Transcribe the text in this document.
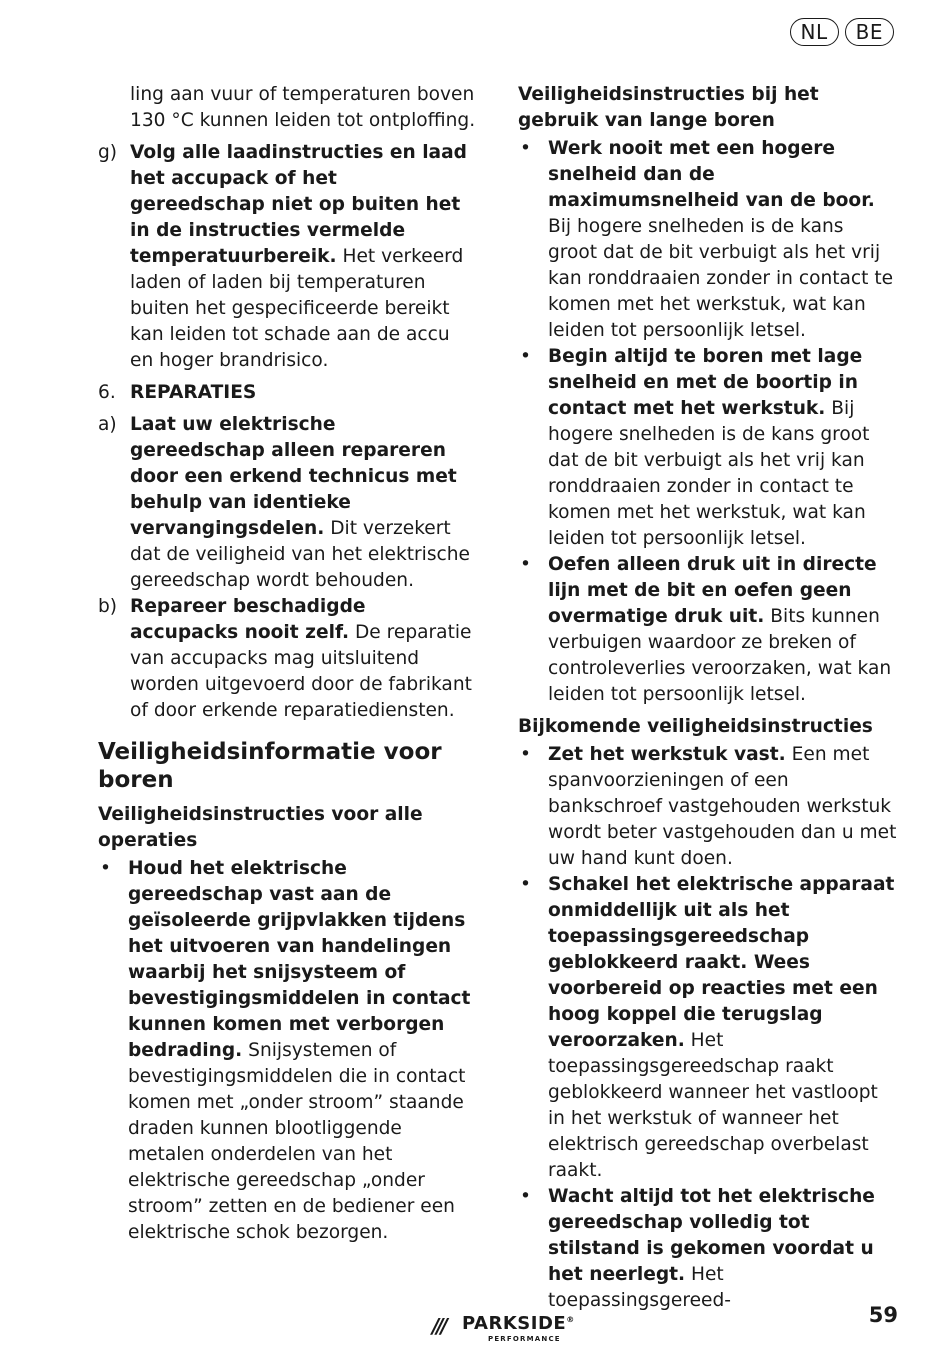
NL	BE
ling aan vuur of temperaturen boven 130 °C kunnen leiden tot ontploffing.
g) Volg alle laadinstructies en laad het accupack of het gereedschap niet op buiten het in de instructies vermelde temperatuurbereik. Het verkeerd laden of laden bij temperaturen buiten het gespecificeerde bereikt kan leiden tot schade aan de accu en hoger brandrisico.
6. REPARATIES
a) Laat uw elektrische gereedschap alleen repareren door een erkend technicus met behulp van identieke vervangingsdelen. Dit verzekert dat de veiligheid van het elektrische gereedschap wordt behouden.
b) Repareer beschadigde accupacks nooit zelf. De reparatie van accupacks mag uitsluitend worden uitgevoerd door de fabrikant of door erkende reparatiediensten.
Veiligheidsinformatie voor boren
Veiligheidsinstructies voor alle operaties
• Houd het elektrische gereedschap vast aan de geïsoleerde grijpvlakken tijdens het uitvoeren van handelingen waarbij het snijsysteem of bevestigingsmiddelen in contact kunnen komen met verborgen bedrading. Snijsystemen of bevestigingsmiddelen die in contact komen met „onder stroom” staande draden kunnen blootliggende metalen onderdelen van het elektrische gereedschap „onder stroom” zetten en de bediener een elektrische schok bezorgen.
Veiligheidsinstructies bij het gebruik van lange boren
• Werk nooit met een hogere snelheid dan de maximumsnelheid van de boor. Bij hogere snelheden is de kans groot dat de bit verbuigt als het vrij kan ronddraaien zonder in contact te komen met het werkstuk, wat kan leiden tot persoonlijk letsel.
• Begin altijd te boren met lage snelheid en met de boortip in contact met het werkstuk. Bij hogere snelheden is de kans groot dat de bit verbuigt als het vrij kan ronddraaien zonder in contact te komen met het werkstuk, wat kan leiden tot persoonlijk letsel.
• Oefen alleen druk uit in directe lijn met de bit en oefen geen overmatige druk uit. Bits kunnen verbuigen waardoor ze breken of controleverlies veroorzaken, wat kan leiden tot persoonlijk letsel.
Bijkomende veiligheidsinstructies
• Zet het werkstuk vast. Een met spanvoorzieningen of een bankschroef vastgehouden werkstuk wordt beter vastgehouden dan u met uw hand kunt doen.
• Schakel het elektrische apparaat onmiddellijk uit als het toepassingsgereedschap geblokkeerd raakt. Wees voorbereid op reacties met een hoog koppel die terugslag veroorzaken. Het toepassingsgereedschap raakt geblokkeerd wanneer het vastloopt in het werkstuk of wanneer het elektrisch gereedschap overbelast raakt.
• Wacht altijd tot het elektrische gereedschap volledig tot stilstand is gekomen voordat u het neerlegt. Het toepassingsgereed-
/// PARKSIDE®
PERFORMANCE
59
